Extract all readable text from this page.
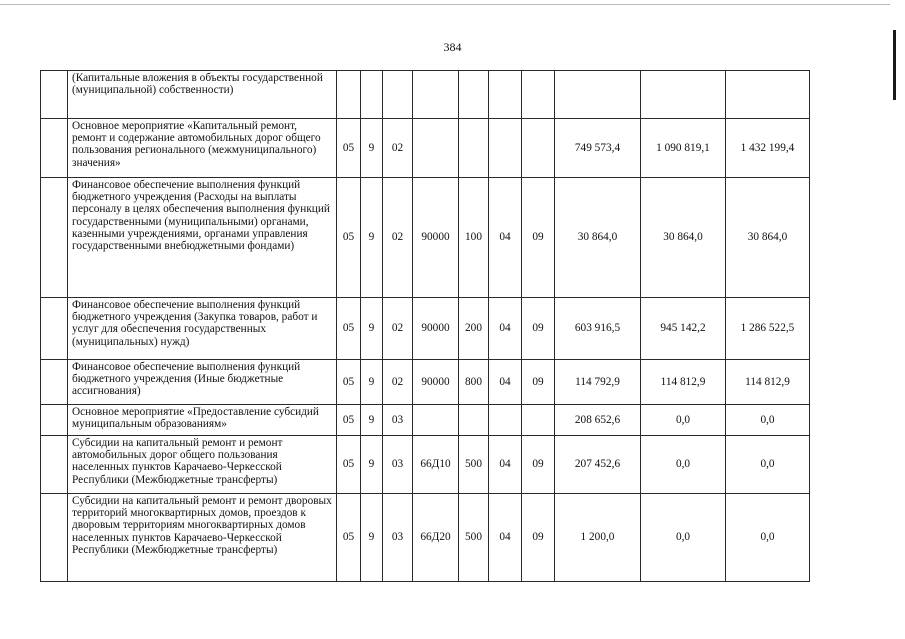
384
	(Капитальные вложения в объекты государственной (муниципальной) собственности)										
	Основное мероприятие «Капитальный ремонт, ремонт и содержание автомобильных дорог общего пользования регионального (межмуниципального) значения»	05	9	02					749 573,4	1 090 819,1	1 432 199,4
	Финансовое обеспечение выполнения функций бюджетного учреждения (Расходы на выплаты персоналу в целях обеспечения выполнения функций государственными (муниципальными) органами, казенными учреждениями, органами управления государственными внебюджетными фондами)	05	9	02	90000	100	04	09	30 864,0	30 864,0	30 864,0
	Финансовое обеспечение выполнения функций бюджетного учреждения (Закупка товаров, работ и услуг для обеспечения государственных (муниципальных) нужд)	05	9	02	90000	200	04	09	603 916,5	945 142,2	1 286 522,5
	Финансовое обеспечение выполнения функций бюджетного учреждения (Иные бюджетные ассигнования)	05	9	02	90000	800	04	09	114 792,9	114 812,9	114 812,9
	Основное мероприятие «Предоставление субсидий муниципальным образованиям»	05	9	03					208 652,6	0,0	0,0
	Субсидии на капитальный ремонт и ремонт автомобильных дорог общего пользования населенных пунктов Карачаево-Черкесской Республики (Межбюджетные трансферты)	05	9	03	66Д10	500	04	09	207 452,6	0,0	0,0
	Субсидии на капитальный ремонт и ремонт дворовых территорий многоквартирных домов, проездов к дворовым территориям многоквартирных домов населенных пунктов Карачаево-Черкесской Республики (Межбюджетные трансферты)	05	9	03	66Д20	500	04	09	1 200,0	0,0	0,0
